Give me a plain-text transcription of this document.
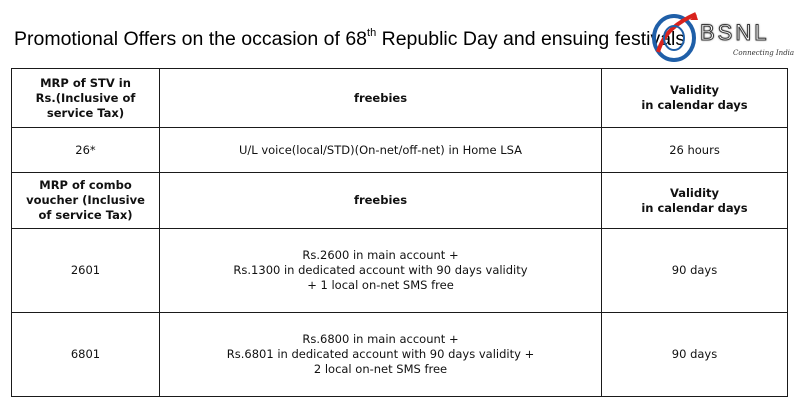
Promotional Offers on the occasion of 68th Republic Day and ensuing festivals BSNL
Connecting India
MRP of STV in
Rs.(Inclusive of
service Tax)	freebies	Validity
in calendar days
26*	U/L voice(local/STD)(On-net/off-net) in Home LSA	26 hours
MRP of combo
voucher (Inclusive
of service Tax)	freebies	Validity
in calendar days
2601	Rs.2600 in main account +
Rs.1300 in dedicated account with 90 days validity
+ 1 local on-net SMS free	90 days
6801	Rs.6800 in main account +
Rs.6801 in dedicated account with 90 days validity +
2 local on-net SMS free	90 days
